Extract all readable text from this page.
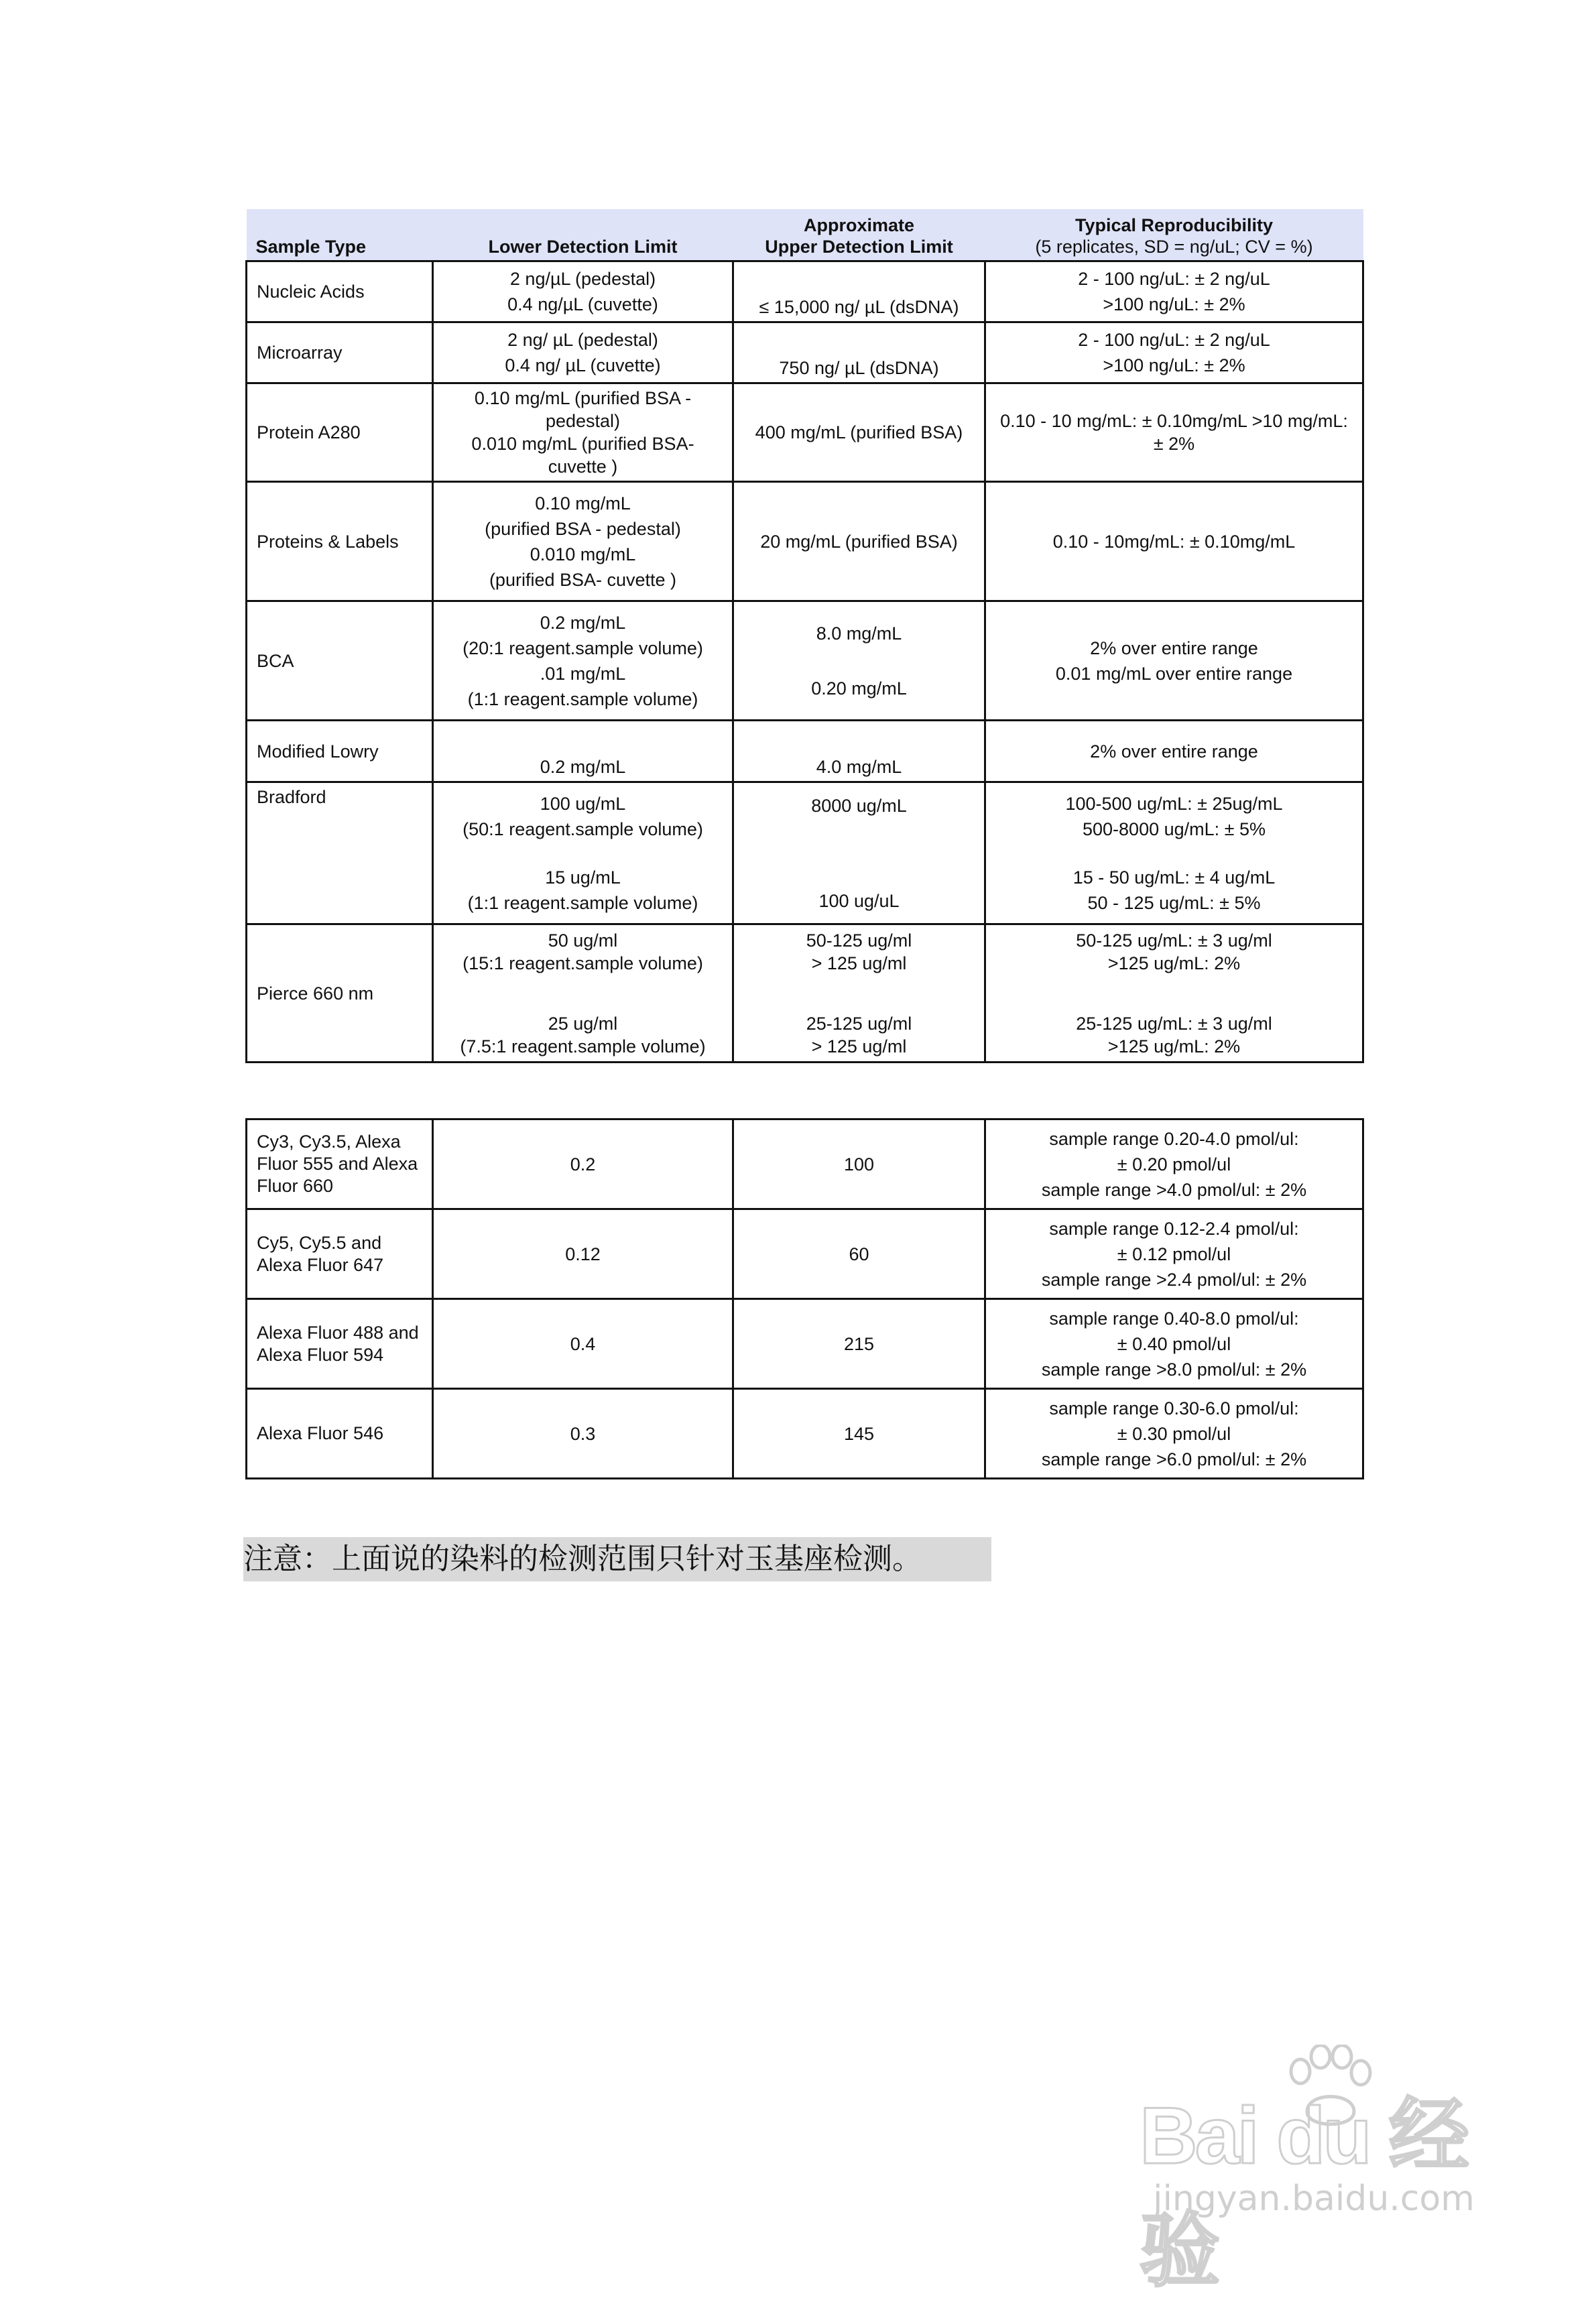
Sample Type	Lower Detection Limit	Approximate
Upper Detection Limit	Typical Reproducibility
(5 replicates, SD = ng/uL; CV = %)

Nucleic Acids	2 ng/µL (pedestal)
0.4 ng/µL (cuvette)	≤ 15,000 ng/ µL (dsDNA)	2 - 100 ng/uL: ± 2 ng/uL
>100 ng/uL: ± 2%

Microarray	2 ng/ µL (pedestal)
0.4 ng/ µL (cuvette)	750 ng/ µL (dsDNA)	2 - 100 ng/uL: ± 2 ng/uL
>100 ng/uL: ± 2%

Protein A280	0.10 mg/mL (purified BSA - pedestal)
0.010 mg/mL (purified BSA- cuvette )	400 mg/mL (purified BSA)	0.10 - 10 mg/mL: ± 0.10mg/mL >10 mg/mL: ± 2%
Proteins & Labels	0.10 mg/mL
(purified BSA - pedestal)
0.010 mg/mL
(purified BSA- cuvette )	20 mg/mL (purified BSA)	0.10 - 10mg/mL: ± 0.10mg/mL
BCA	0.2 mg/mL
(20:1 reagent.sample volume)
.01 mg/mL
(1:1 reagent.sample volume)	8.0 mg/mL
0.20 mg/mL	2% over entire range
0.01 mg/mL over entire range

Modified Lowry	0.2 mg/mL	4.0 mg/mL	2% over entire range
Bradford	100 ug/mL
(50:1 reagent.sample volume)
15 ug/mL
(1:1 reagent.sample volume)	8000 ug/mL
100 ug/uL	100-500 ug/mL: ± 25ug/mL
500-8000 ug/mL: ± 5%
15 - 50 ug/mL: ± 4 ug/mL
50 - 125 ug/mL: ± 5%

Pierce 660 nm	50 ug/ml
(15:1 reagent.sample volume)
25 ug/ml
(7.5:1 reagent.sample volume)	50-125 ug/ml
> 125 ug/ml
25-125 ug/ml
> 125 ug/ml	50-125 ug/mL: ± 3 ug/ml
>125 ug/mL: 2%
25-125 ug/mL: ± 3 ug/ml
>125 ug/mL: 2%
Cy3, Cy3.5, Alexa Fluor 555 and Alexa Fluor 660	0.2	100	sample range 0.20-4.0 pmol/ul:
± 0.20 pmol/ul
sample range >4.0 pmol/ul: ± 2%

Cy5, Cy5.5 and Alexa Fluor 647	0.12	60	sample range 0.12-2.4 pmol/ul:
± 0.12 pmol/ul
sample range >2.4 pmol/ul: ± 2%

Alexa Fluor 488 and Alexa Fluor 594	0.4	215	sample range 0.40-8.0 pmol/ul:
± 0.40 pmol/ul
sample range >8.0 pmol/ul: ± 2%

Alexa Fluor 546	0.3	145	sample range 0.30-6.0 pmol/ul:
± 0.30 pmol/ul
sample range >6.0 pmol/ul: ± 2%
注意：上面说的染料的检测范围只针对玉基座检测。
Bai du 经验
jingyan.baidu.com
